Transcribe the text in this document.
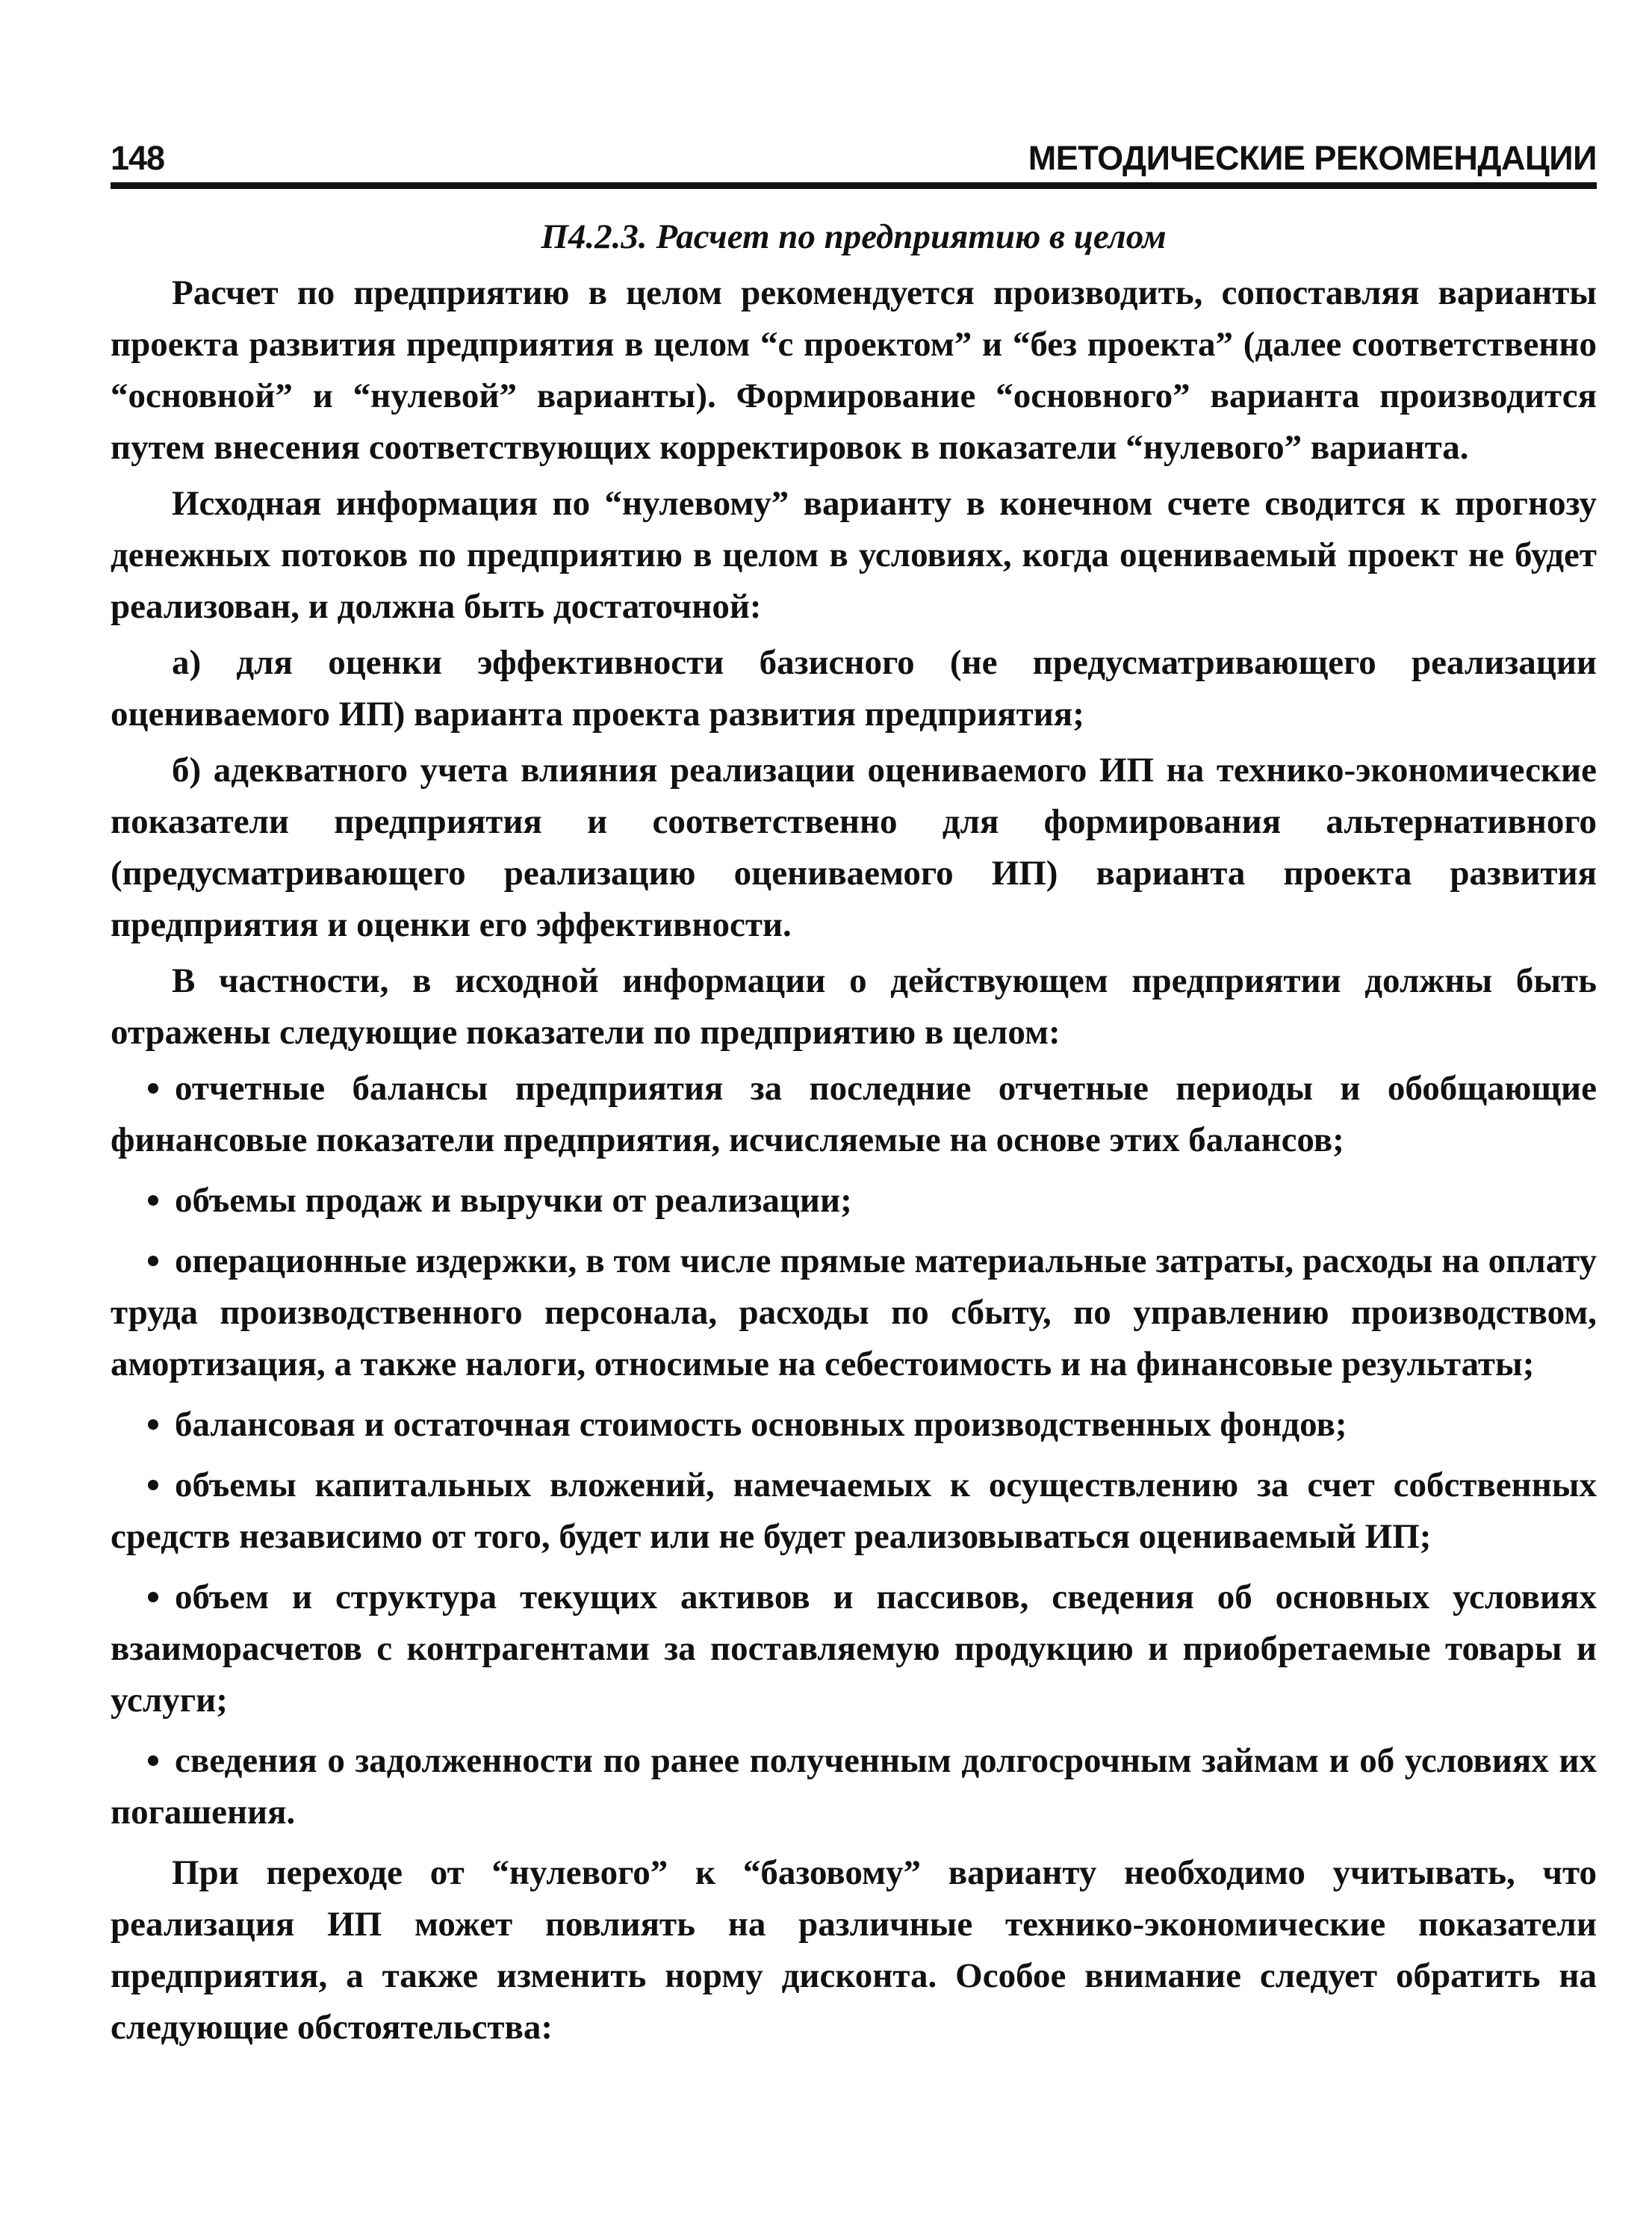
148	МЕТОДИЧЕСКИЕ РЕКОМЕНДАЦИИ
П4.2.3. Расчет по предприятию в целом

Расчет по предприятию в целом рекомендуется производить, сопоставляя варианты проекта развития предприятия в целом “с проектом” и “без проекта” (далее соответственно “основной” и “нулевой” варианты). Формирование “основного” варианта производится путем внесения соответствующих корректировок в показатели “нулевого” варианта.

Исходная информация по “нулевому” варианту в конечном счете сводится к прогнозу денежных потоков по предприятию в целом в условиях, когда оцениваемый проект не будет реализован, и должна быть достаточной:

а) для оценки эффективности базисного (не предусматривающего реализации оцениваемого ИП) варианта проекта развития предприятия;

б) адекватного учета влияния реализации оцениваемого ИП на технико-экономические показатели предприятия и соответственно для формирования альтернативного (предусматривающего реализацию оцениваемого ИП) варианта проекта развития предприятия и оценки его эффективности.

В частности, в исходной информации о действующем предприятии должны быть отражены следующие показатели по предприятию в целом:

отчетные балансы предприятия за последние отчетные периоды и обобщающие финансовые показатели предприятия, исчисляемые на основе этих балансов;
объемы продаж и выручки от реализации;
операционные издержки, в том числе прямые материальные затраты, расходы на оплату труда производственного персонала, расходы по сбыту, по управлению производством, амортизация, а также налоги, относимые на себестоимость и на финансовые результаты;
балансовая и остаточная стоимость основных производственных фондов;
объемы капитальных вложений, намечаемых к осуществлению за счет собственных средств независимо от того, будет или не будет реализовываться оцениваемый ИП;
объем и структура текущих активов и пассивов, сведения об основных условиях взаиморасчетов с контрагентами за поставляемую продукцию и приобретаемые товары и услуги;
сведения о задолженности по ранее полученным долгосрочным займам и об условиях их погашения.

При переходе от “нулевого” к “базовому” варианту необходимо учитывать, что реализация ИП может повлиять на различные технико-экономические показатели предприятия, а также изменить норму дисконта. Особое внимание следует обратить на следующие обстоятельства:
